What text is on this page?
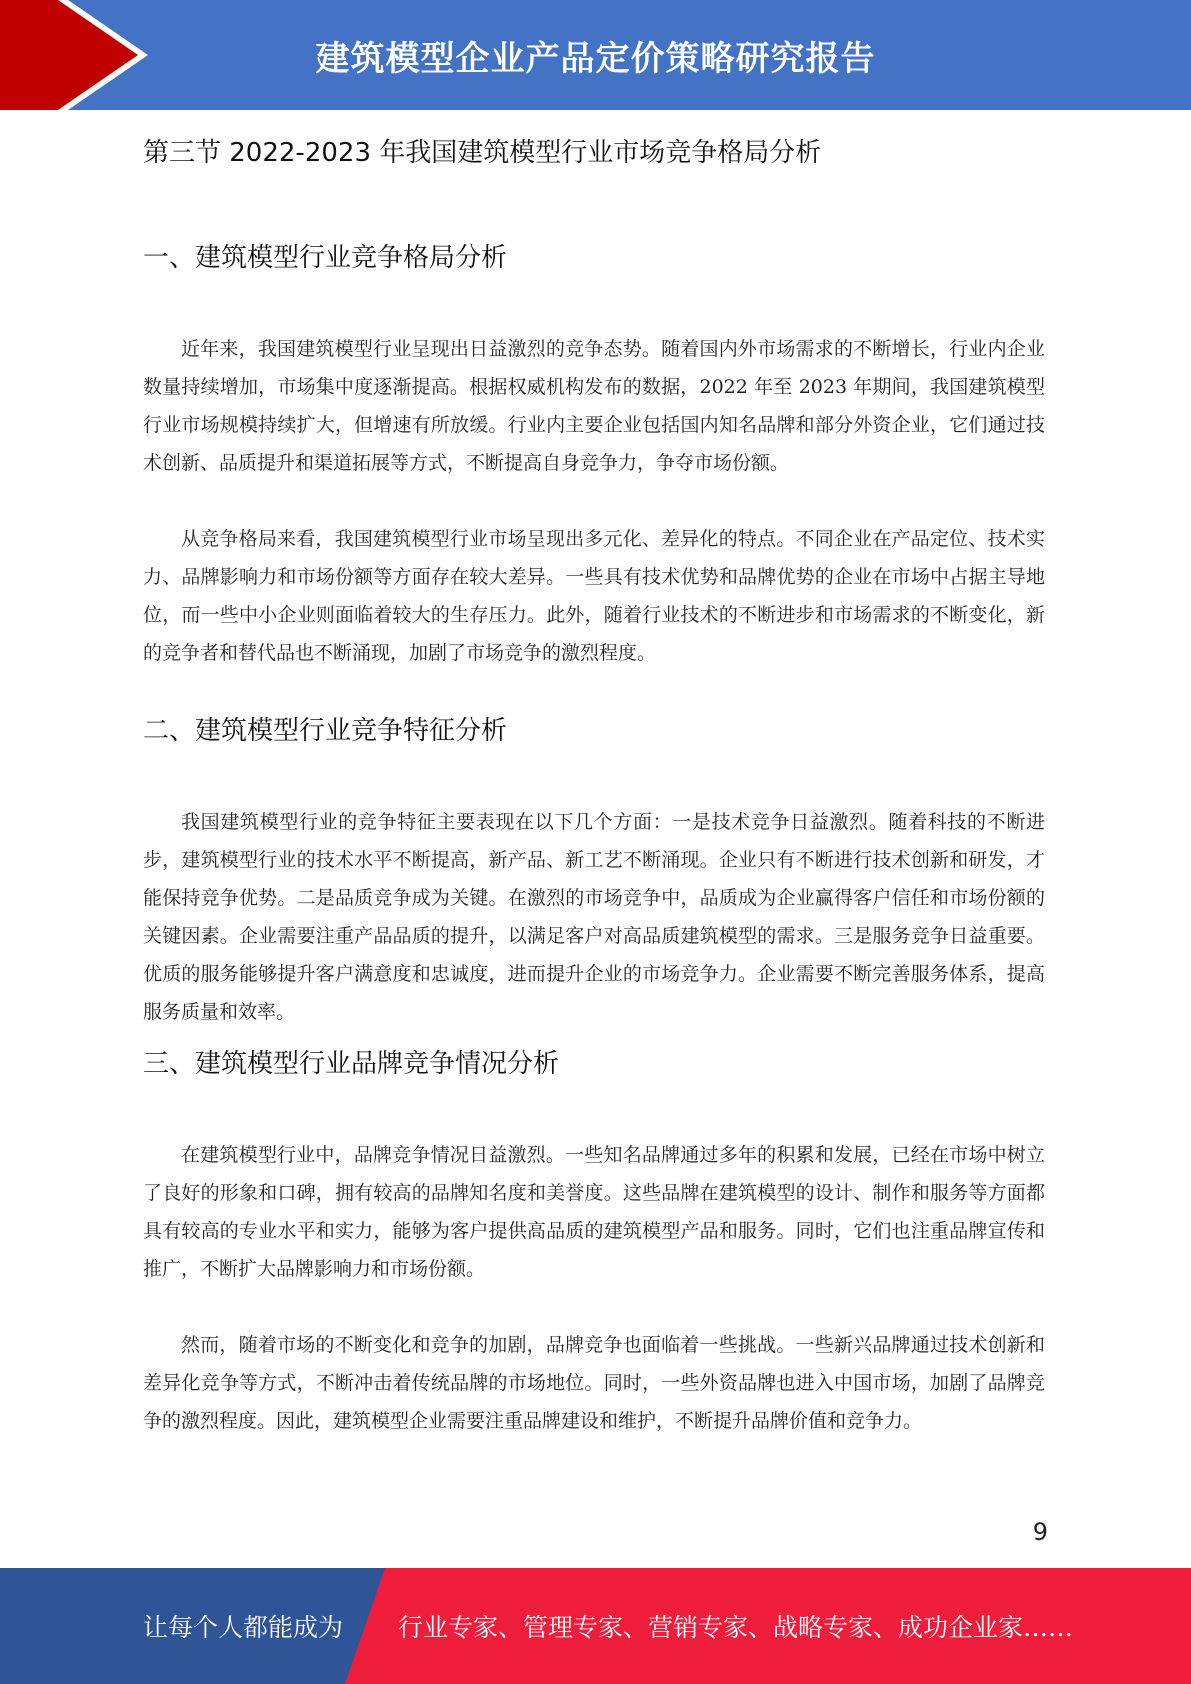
建筑模型企业产品定价策略研究报告
第三节 2022-2023 年我国建筑模型行业市场竞争格局分析
一、建筑模型行业竞争格局分析

近年来，我国建筑模型行业呈现出日益激烈的竞争态势。随着国内外市场需求的不断增长，行业内企业数量持续增加，市场集中度逐渐提高。根据权威机构发布的数据，2022 年至 2023 年期间，我国建筑模型行业市场规模持续扩大，但增速有所放缓。行业内主要企业包括国内知名品牌和部分外资企业，它们通过技术创新、品质提升和渠道拓展等方式，不断提高自身竞争力，争夺市场份额。

从竞争格局来看，我国建筑模型行业市场呈现出多元化、差异化的特点。不同企业在产品定位、技术实力、品牌影响力和市场份额等方面存在较大差异。一些具有技术优势和品牌优势的企业在市场中占据主导地位，而一些中小企业则面临着较大的生存压力。此外，随着行业技术的不断进步和市场需求的不断变化，新的竞争者和替代品也不断涌现，加剧了市场竞争的激烈程度。

二、建筑模型行业竞争特征分析

我国建筑模型行业的竞争特征主要表现在以下几个方面：一是技术竞争日益激烈。随着科技的不断进步，建筑模型行业的技术水平不断提高，新产品、新工艺不断涌现。企业只有不断进行技术创新和研发，才能保持竞争优势。二是品质竞争成为关键。在激烈的市场竞争中，品质成为企业赢得客户信任和市场份额的关键因素。企业需要注重产品品质的提升，以满足客户对高品质建筑模型的需求。三是服务竞争日益重要。优质的服务能够提升客户满意度和忠诚度，进而提升企业的市场竞争力。企业需要不断完善服务体系，提高服务质量和效率。

三、建筑模型行业品牌竞争情况分析

在建筑模型行业中，品牌竞争情况日益激烈。一些知名品牌通过多年的积累和发展，已经在市场中树立了良好的形象和口碑，拥有较高的品牌知名度和美誉度。这些品牌在建筑模型的设计、制作和服务等方面都具有较高的专业水平和实力，能够为客户提供高品质的建筑模型产品和服务。同时，它们也注重品牌宣传和推广，不断扩大品牌影响力和市场份额。

然而，随着市场的不断变化和竞争的加剧，品牌竞争也面临着一些挑战。一些新兴品牌通过技术创新和差异化竞争等方式，不断冲击着传统品牌的市场地位。同时，一些外资品牌也进入中国市场，加剧了品牌竞争的激烈程度。因此，建筑模型企业需要注重品牌建设和维护，不断提升品牌价值和竞争力。

9
让每个人都能成为 行业专家、管理专家、营销专家、战略专家、成功企业家……
